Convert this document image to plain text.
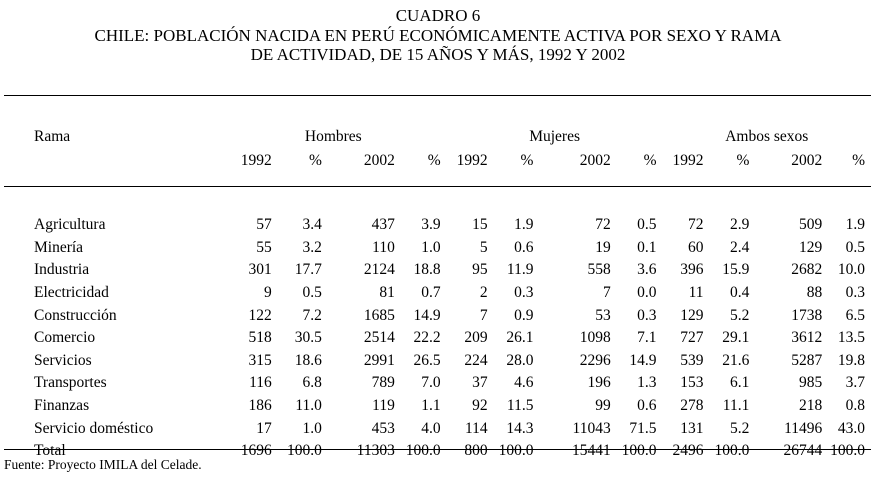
CUADRO 6
CHILE: POBLACIÓN NACIDA EN PERÚ ECONÓMICAMENTE ACTIVA POR SEXO Y RAMA
DE ACTIVIDAD, DE 15 AÑOS Y MÁS, 1992 Y 2002
Rama	Hombres				Mujeres				Ambos sexos			
	1992	%	2002	%	1992	%	2002	%	1992	%	2002	%

Agricultura	57	3.4	437	3.9	15	1.9	72	0.5	72	2.9	509	1.9
Minería	55	3.2	110	1.0	5	0.6	19	0.1	60	2.4	129	0.5
Industria	301	17.7	2124	18.8	95	11.9	558	3.6	396	15.9	2682	10.0
Electricidad	9	0.5	81	0.7	2	0.3	7	0.0	11	0.4	88	0.3
Construcción	122	7.2	1685	14.9	7	0.9	53	0.3	129	5.2	1738	6.5
Comercio	518	30.5	2514	22.2	209	26.1	1098	7.1	727	29.1	3612	13.5
Servicios	315	18.6	2991	26.5	224	28.0	2296	14.9	539	21.6	5287	19.8
Transportes	116	6.8	789	7.0	37	4.6	196	1.3	153	6.1	985	3.7
Finanzas	186	11.0	119	1.1	92	11.5	99	0.6	278	11.1	218	0.8
Servicio doméstico	17	1.0	453	4.0	114	14.3	11043	71.5	131	5.2	11496	43.0
Total	1696	100.0	11303	100.0	800	100.0	15441	100.0	2496	100.0	26744	100.0
Fuente: Proyecto IMILA del Celade.
